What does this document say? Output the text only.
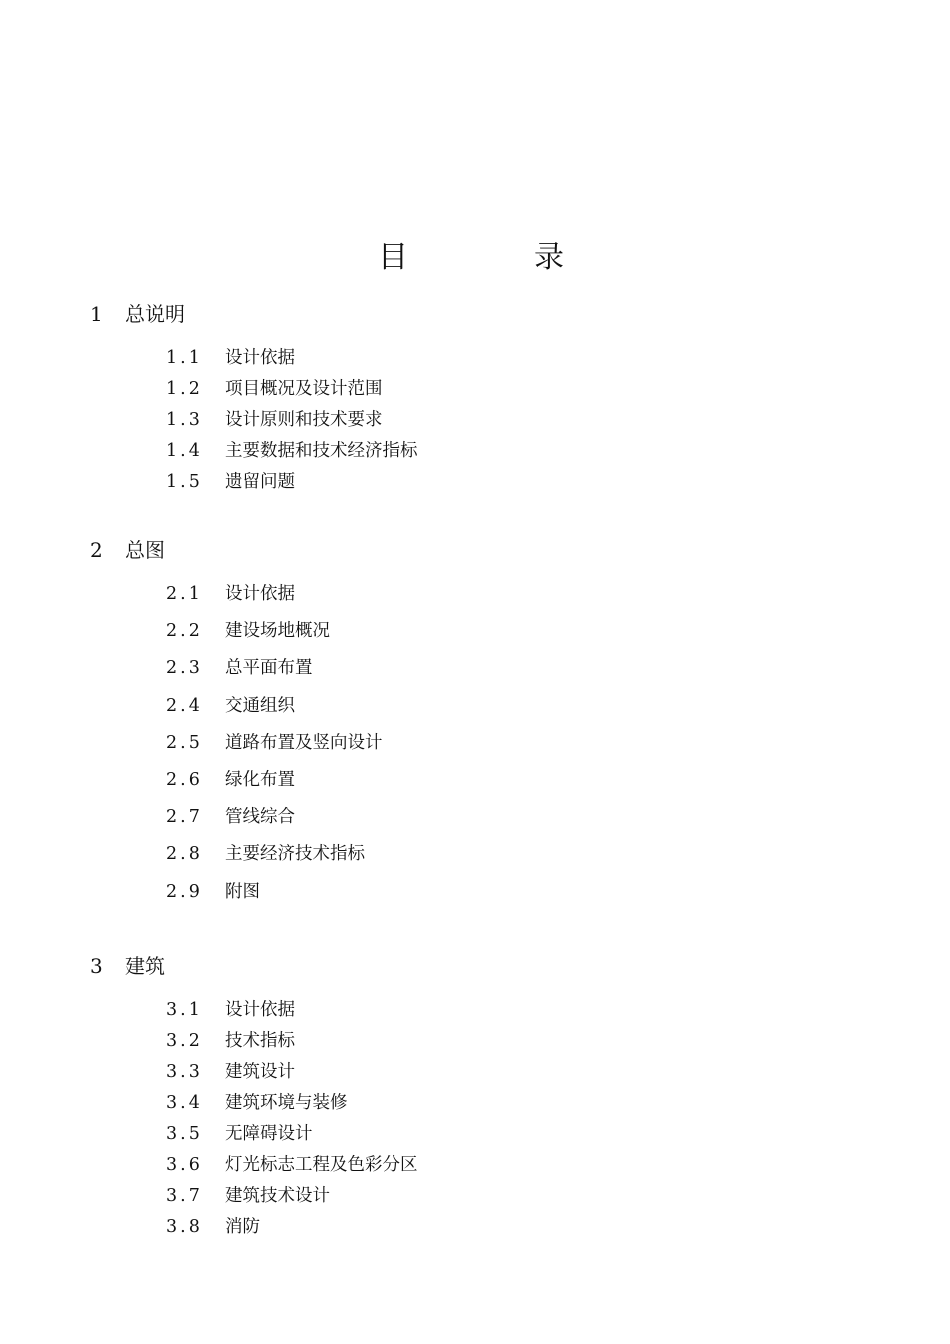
目	录
1 总说明
1.1 设计依据
1.2 项目概况及设计范围
1.3 设计原则和技术要求
1.4 主要数据和技术经济指标
1.5 遗留问题
2 总图
2.1 设计依据
2.2 建设场地概况
2.3 总平面布置
2.4 交通组织
2.5 道路布置及竖向设计
2.6 绿化布置
2.7 管线综合
2.8 主要经济技术指标
2.9 附图
3 建筑
3.1 设计依据
3.2 技术指标
3.3 建筑设计
3.4 建筑环境与装修
3.5 无障碍设计
3.6 灯光标志工程及色彩分区
3.7 建筑技术设计
3.8 消防
